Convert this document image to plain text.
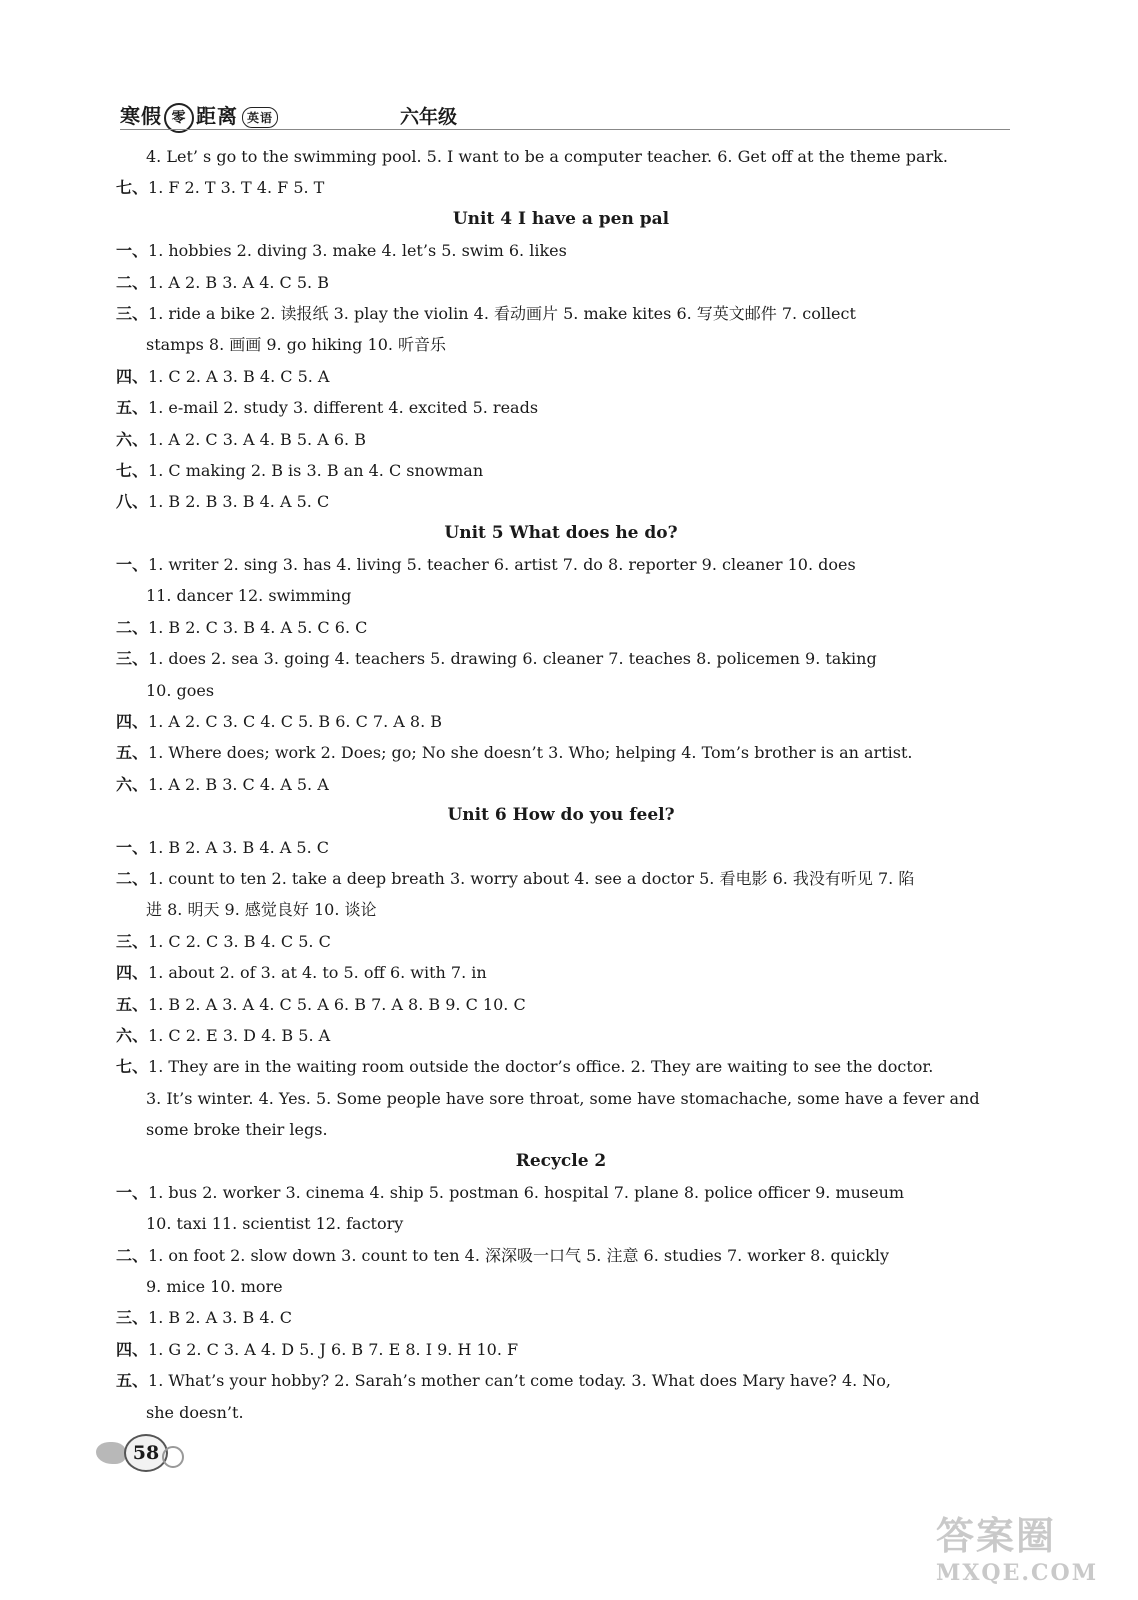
寒假 零 距离 英语	六年级
4. Let’ s go to the swimming pool. 5. I want to be a computer teacher. 6. Get off at the theme park.
七、1. F 2. T 3. T 4. F 5. T
Unit 4 I have a pen pal
一、1. hobbies 2. diving 3. make 4. let’s 5. swim 6. likes
二、1. A 2. B 3. A 4. C 5. B
三、1. ride a bike 2. 读报纸 3. play the violin 4. 看动画片 5. make kites 6. 写英文邮件 7. collect
stamps 8. 画画 9. go hiking 10. 听音乐
四、1. C 2. A 3. B 4. C 5. A
五、1. e-mail 2. study 3. different 4. excited 5. reads
六、1. A 2. C 3. A 4. B 5. A 6. B
七、1. C making 2. B is 3. B an 4. C snowman
八、1. B 2. B 3. B 4. A 5. C
Unit 5 What does he do?
一、1. writer 2. sing 3. has 4. living 5. teacher 6. artist 7. do 8. reporter 9. cleaner 10. does
11. dancer 12. swimming
二、1. B 2. C 3. B 4. A 5. C 6. C
三、1. does 2. sea 3. going 4. teachers 5. drawing 6. cleaner 7. teaches 8. policemen 9. taking
10. goes
四、1. A 2. C 3. C 4. C 5. B 6. C 7. A 8. B
五、1. Where does; work 2. Does; go; No she doesn’t 3. Who; helping 4. Tom’s brother is an artist.
六、1. A 2. B 3. C 4. A 5. A
Unit 6 How do you feel?
一、1. B 2. A 3. B 4. A 5. C
二、1. count to ten 2. take a deep breath 3. worry about 4. see a doctor 5. 看电影 6. 我没有听见 7. 陷
进 8. 明天 9. 感觉良好 10. 谈论
三、1. C 2. C 3. B 4. C 5. C
四、1. about 2. of 3. at 4. to 5. off 6. with 7. in
五、1. B 2. A 3. A 4. C 5. A 6. B 7. A 8. B 9. C 10. C
六、1. C 2. E 3. D 4. B 5. A
七、1. They are in the waiting room outside the doctor’s office. 2. They are waiting to see the doctor.
3. It’s winter. 4. Yes. 5. Some people have sore throat, some have stomachache, some have a fever and
some broke their legs.
Recycle 2
一、1. bus 2. worker 3. cinema 4. ship 5. postman 6. hospital 7. plane 8. police officer 9. museum
10. taxi 11. scientist 12. factory
二、1. on foot 2. slow down 3. count to ten 4. 深深吸一口气 5. 注意 6. studies 7. worker 8. quickly
9. mice 10. more
三、1. B 2. A 3. B 4. C
四、1. G 2. C 3. A 4. D 5. J 6. B 7. E 8. I 9. H 10. F
五、1. What’s your hobby? 2. Sarah’s mother can’t come today. 3. What does Mary have? 4. No,
she doesn’t.
58
答案圈
MXQE.COM
